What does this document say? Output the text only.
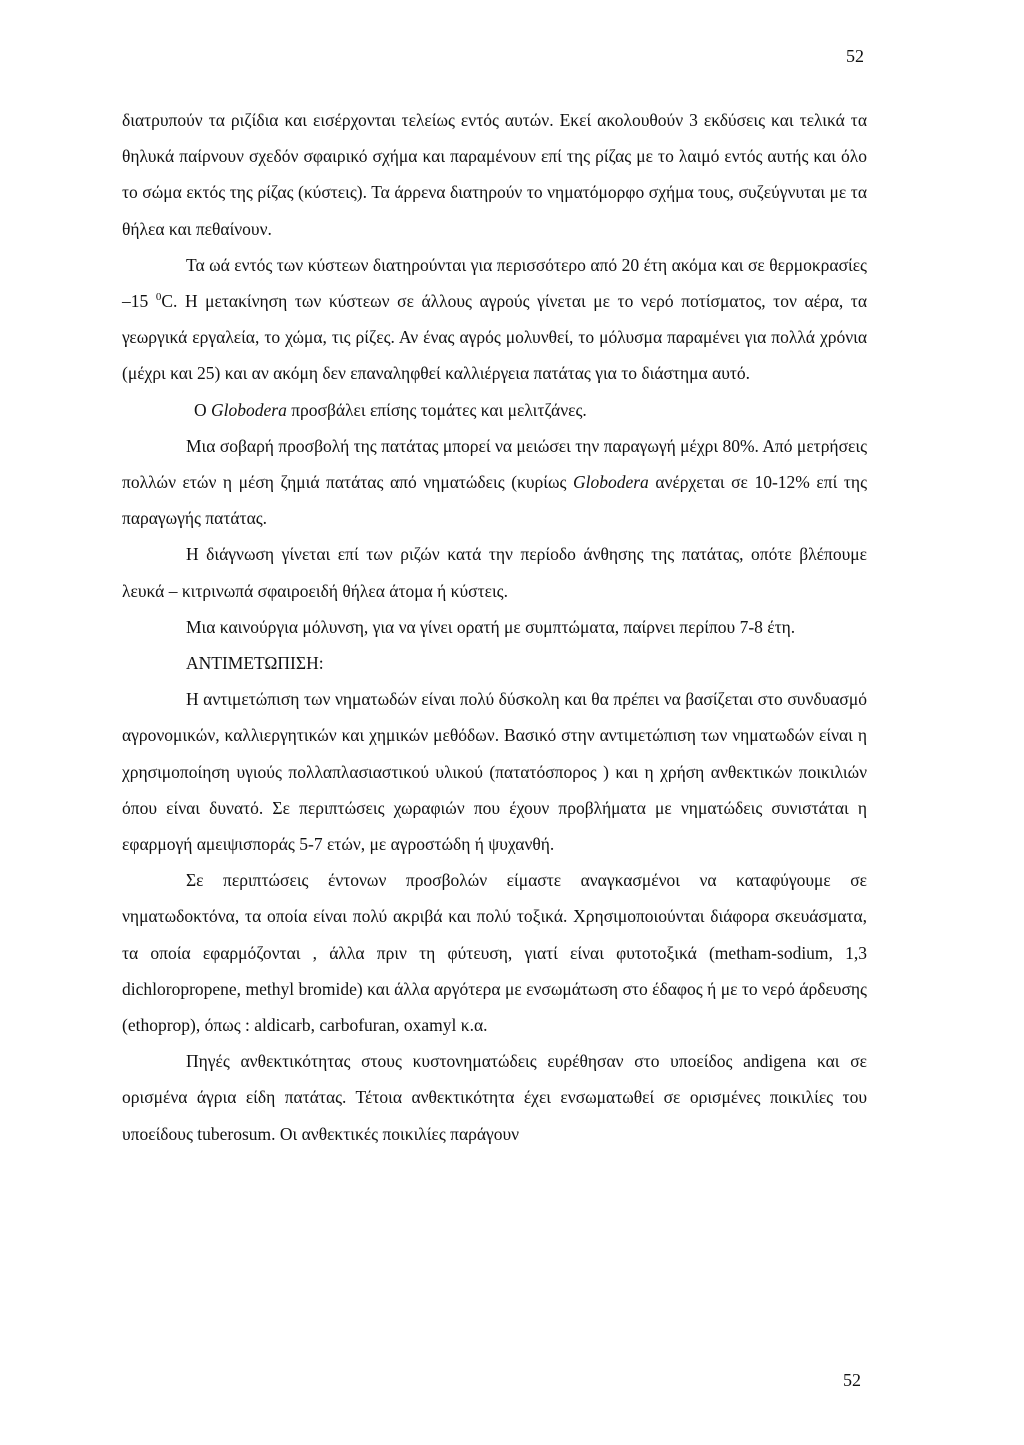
52

διατρυπούν τα ριζίδια και εισέρχονται τελείως εντός αυτών. Εκεί ακολουθούν 3 εκδύσεις και τελικά τα θηλυκά παίρνουν σχεδόν σφαιρικό σχήμα και παραμένουν επί της ρίζας με το λαιμό εντός αυτής και όλο το σώμα εκτός της ρίζας (κύστεις). Τα άρρενα διατηρούν το νηματόμορφο σχήμα τους, συζεύγνυται με τα θήλεα και πεθαίνουν.

Τα ωά εντός των κύστεων διατηρούνται για περισσότερο από 20 έτη ακόμα και σε θερμοκρασίες –15 $^0$C. Η μετακίνηση των κύστεων σε άλλους αγρούς γίνεται με το νερό ποτίσματος, τον αέρα, τα γεωργικά εργαλεία, το χώμα, τις ρίζες. Αν ένας αγρός μολυνθεί, το μόλυσμα παραμένει για πολλά χρόνια (μέχρι και 25) και αν ακόμη δεν επαναληφθεί καλλιέργεια πατάτας για το διάστημα αυτό.

Ο Globodera προσβάλει επίσης τομάτες και μελιτζάνες.

Μια σοβαρή προσβολή της πατάτας μπορεί να μειώσει την παραγωγή μέχρι 80%. Από μετρήσεις πολλών ετών η μέση ζημιά πατάτας από νηματώδεις (κυρίως Globodera ανέρχεται σε 10-12% επί της παραγωγής πατάτας.

Η διάγνωση γίνεται επί των ριζών κατά την περίοδο άνθησης της πατάτας, οπότε βλέπουμε λευκά – κιτρινωπά σφαιροειδή θήλεα άτομα ή κύστεις.

Μια καινούργια μόλυνση, για να γίνει ορατή με συμπτώματα, παίρνει περίπου 7-8 έτη.

ΑΝΤΙΜΕΤΩΠΙΣΗ:

Η αντιμετώπιση των νηματωδών είναι πολύ δύσκολη και θα πρέπει να βασίζεται στο συνδυασμό αγρονομικών, καλλιεργητικών και χημικών μεθόδων. Βασικό στην αντιμετώπιση των νηματωδών είναι η χρησιμοποίηση υγιούς πολλαπλασιαστικού υλικού (πατατόσπορος ) και η χρήση ανθεκτικών ποικιλιών όπου είναι δυνατό. Σε περιπτώσεις χωραφιών που έχουν προβλήματα με νηματώδεις συνιστάται η εφαρμογή αμειψισποράς 5-7 ετών, με αγροστώδη ή ψυχανθή.

Σε περιπτώσεις έντονων προσβολών είμαστε αναγκασμένοι να καταφύγουμε σε νηματωδοκτόνα, τα οποία είναι πολύ ακριβά και πολύ τοξικά. Χρησιμοποιούνται διάφορα σκευάσματα, τα οποία εφαρμόζονται , άλλα πριν τη φύτευση, γιατί είναι φυτοτοξικά (metham-sodium, 1,3 dichloropropene, methyl bromide) και άλλα αργότερα με ενσωμάτωση στο έδαφος ή με το νερό άρδευσης (ethoprop), όπως : aldicarb, carbofuran, oxamyl κ.α.

Πηγές ανθεκτικότητας στους κυστονηματώδεις ευρέθησαν στο υποείδος andigena και σε ορισμένα άγρια είδη πατάτας. Τέτοια ανθεκτικότητα έχει ενσωματωθεί σε ορισμένες ποικιλίες του υποείδους tuberosum. Οι ανθεκτικές ποικιλίες παράγουν

52
